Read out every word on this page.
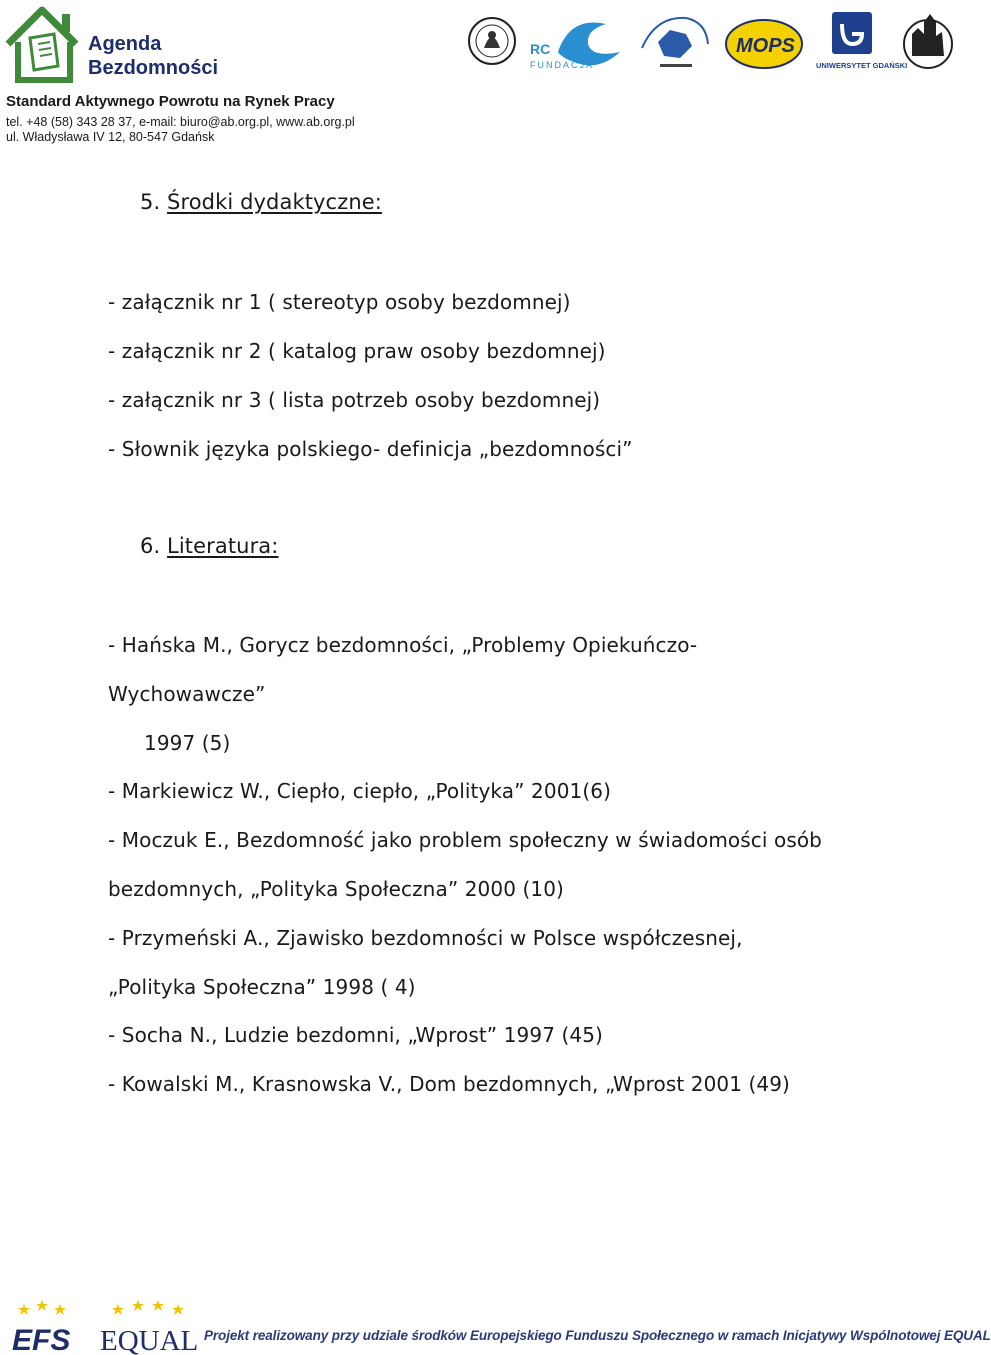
Agenda
Bezdomności
Standard Aktywnego Powrotu na Rynek Pracy
tel. +48 (58) 343 28 37, e-mail: biuro@ab.org.pl, www.ab.org.pl
ul. Władysława IV 12, 80-547 Gdańsk
RC
FUNDACJA
MOPS
UNIWERSYTET GDAŃSKI
5. Środki dydaktyczne:
- załącznik nr 1 ( stereotyp osoby bezdomnej)
- załącznik nr 2 ( katalog praw osoby bezdomnej)
- załącznik nr 3 ( lista potrzeb osoby bezdomnej)
- Słownik języka polskiego- definicja „bezdomności”
6. Literatura:
- Hańska M., Gorycz bezdomności, „Problemy Opiekuńczo-
Wychowawcze”
1997 (5)
- Markiewicz W., Ciepło, ciepło, „Polityka” 2001(6)
- Moczuk E., Bezdomność jako problem społeczny w świadomości osób
bezdomnych, „Polityka Społeczna” 2000 (10)
- Przymeński A., Zjawisko bezdomności w Polsce współczesnej,
„Polityka Społeczna” 1998 ( 4)
- Socha N., Ludzie bezdomni, „Wprost” 1997 (45)
- Kowalski M., Krasnowska V., Dom bezdomnych, „Wprost 2001 (49)
EFS EQUAL Projekt realizowany przy udziale środków Europejskiego Funduszu Społecznego w ramach Inicjatywy Wspólnotowej EQUAL
